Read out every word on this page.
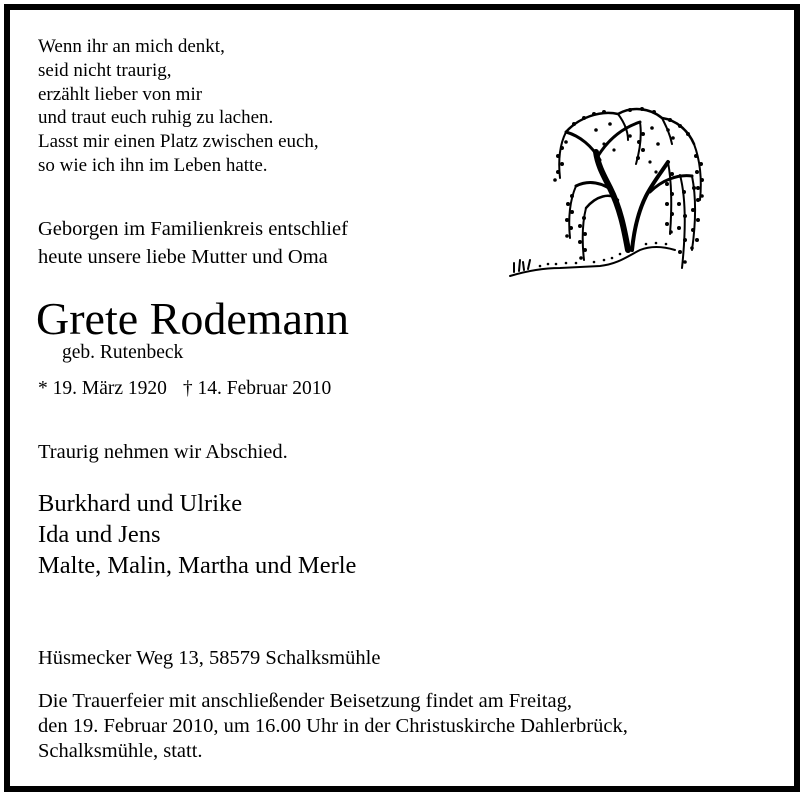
Wenn ihr an mich denkt,
seid nicht traurig,
erzählt lieber von mir
und traut euch ruhig zu lachen.
Lasst mir einen Platz zwischen euch,
so wie ich ihn im Leben hatte.
Geborgen im Familienkreis entschlief
heute unsere liebe Mutter und Oma
Grete Rodemann
geb. Rutenbeck
* 19. März 1920 † 14. Februar 2010
Traurig nehmen wir Abschied.
Burkhard und Ulrike
Ida und Jens
Malte, Malin, Martha und Merle
Hüsmecker Weg 13, 58579 Schalksmühle
Die Trauerfeier mit anschließender Beisetzung findet am Freitag,
den 19. Februar 2010, um 16.00 Uhr in der Christuskirche Dahlerbrück,
Schalksmühle, statt.
